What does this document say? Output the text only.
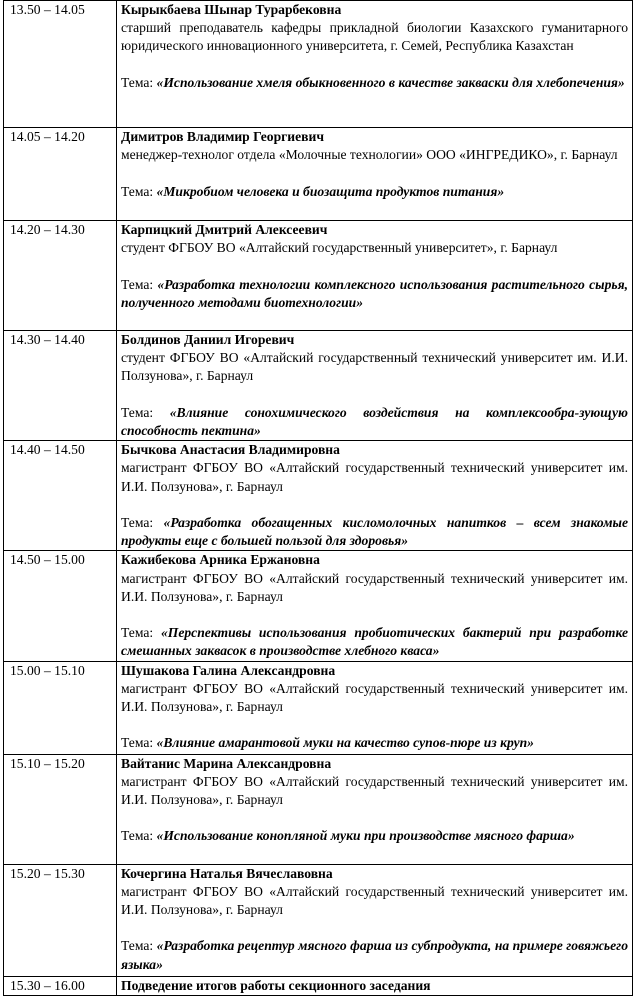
13.50 – 14.05	Кырыкбаева Шынар Турарбековна
старший преподаватель кафедры прикладной биологии Казахского гуманитарного юридического инновационного университета, г. Семей, Республика Казахстан
Тема: «Использование хмеля обыкновенного в качестве закваски для хлебопечения»

14.05 – 14.20	Димитров Владимир Георгиевич
менеджер-технолог отдела «Молочные технологии» ООО «ИНГРЕДИКО», г. Барнаул
Тема: «Микробиом человека и биозащита продуктов питания»

14.20 – 14.30	Карпицкий Дмитрий Алексеевич
студент ФГБОУ ВО «Алтайский государственный университет», г. Барнаул
Тема: «Разработка технологии комплексного использования растительного сырья, полученного методами биотехнологии»

14.30 – 14.40	Болдинов Даниил Игоревич
студент ФГБОУ ВО «Алтайский государственный технический университет им. И.И. Ползунова», г. Барнаул
Тема: «Влияние сонохимического воздействия на комплексообра-зующую способность пектина»

14.40 – 14.50	Бычкова Анастасия Владимировна
магистрант ФГБОУ ВО «Алтайский государственный технический университет им. И.И. Ползунова», г. Барнаул
Тема: «Разработка обогащенных кисломолочных напитков – всем знакомые продукты еще с большей пользой для здоровья»

14.50 – 15.00	Кажибекова Арника Ержановна
магистрант ФГБОУ ВО «Алтайский государственный технический университет им. И.И. Ползунова», г. Барнаул
Тема: «Перспективы использования пробиотических бактерий при разработке смешанных заквасок в производстве хлебного кваса»

15.00 – 15.10	Шушакова Галина Александровна
магистрант ФГБОУ ВО «Алтайский государственный технический университет им. И.И. Ползунова», г. Барнаул
Тема: «Влияние амарантовой муки на качество супов-пюре из круп»

15.10 – 15.20	Вайтанис Марина Александровна
магистрант ФГБОУ ВО «Алтайский государственный технический университет им. И.И. Ползунова», г. Барнаул
Тема: «Использование конопляной муки при производстве мясного фарша»

15.20 – 15.30	Кочергина Наталья Вячеславовна
магистрант ФГБОУ ВО «Алтайский государственный технический университет им. И.И. Ползунова», г. Барнаул
Тема: «Разработка рецептур мясного фарша из субпродукта, на примере говяжьего языка»

15.30 – 16.00	Подведение итогов работы секционного заседания
